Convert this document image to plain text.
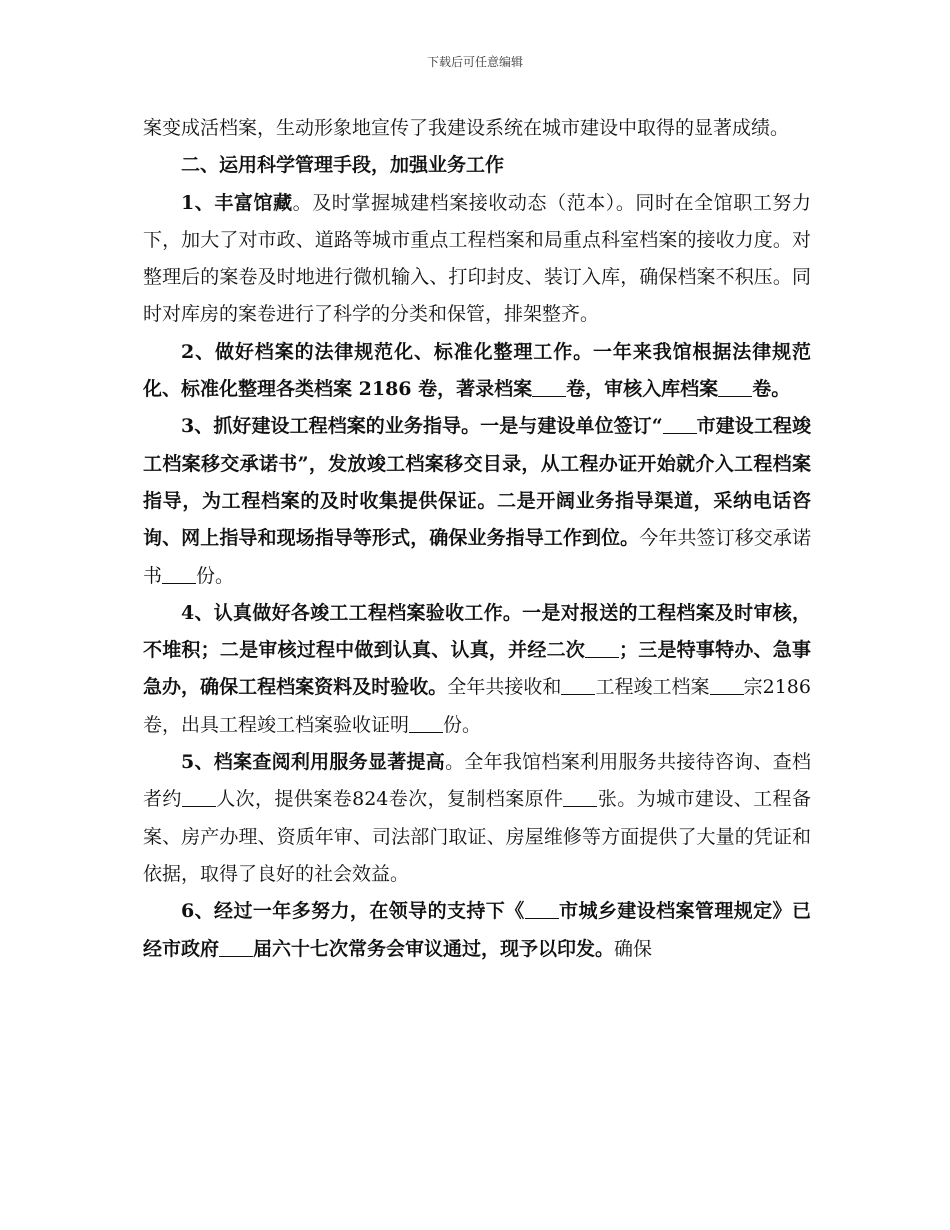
下载后可任意编辑

案变成活档案，生动形象地宣传了我建设系统在城市建设中取得的显著成绩。

二、运用科学管理手段，加强业务工作

1、丰富馆藏。及时掌握城建档案接收动态（范本）。同时在全馆职工努力下，加大了对市政、道路等城市重点工程档案和局重点科室档案的接收力度。对整理后的案卷及时地进行微机输入、打印封皮、装订入库，确保档案不积压。同时对库房的案卷进行了科学的分类和保管，排架整齐。

2、做好档案的法律规范化、标准化整理工作。一年来我馆根据法律规范化、标准化整理各类档案 2186 卷，著录档案 卷，审核入库档案 卷。

3、抓好建设工程档案的业务指导。一是与建设单位签订“ 市建设工程竣工档案移交承诺书”，发放竣工档案移交目录，从工程办证开始就介入工程档案指导，为工程档案的及时收集提供保证。二是开阔业务指导渠道，采纳电话咨询、网上指导和现场指导等形式，确保业务指导工作到位。今年共签订移交承诺书 份。

4、认真做好各竣工工程档案验收工作。一是对报送的工程档案及时审核，不堆积；二是审核过程中做到认真、认真，并经二次 ；三是特事特办、急事急办，确保工程档案资料及时验收。全年共接收和 工程竣工档案 宗2186卷，出具工程竣工档案验收证明 份。

5、档案查阅利用服务显著提高。全年我馆档案利用服务共接待咨询、查档者约 人次，提供案卷824卷次，复制档案原件 张。为城市建设、工程备案、房产办理、资质年审、司法部门取证、房屋维修等方面提供了大量的凭证和依据，取得了良好的社会效益。

6、经过一年多努力，在领导的支持下《 市城乡建设档案管理规定》已经市政府 届六十七次常务会审议通过，现予以印发。确保
